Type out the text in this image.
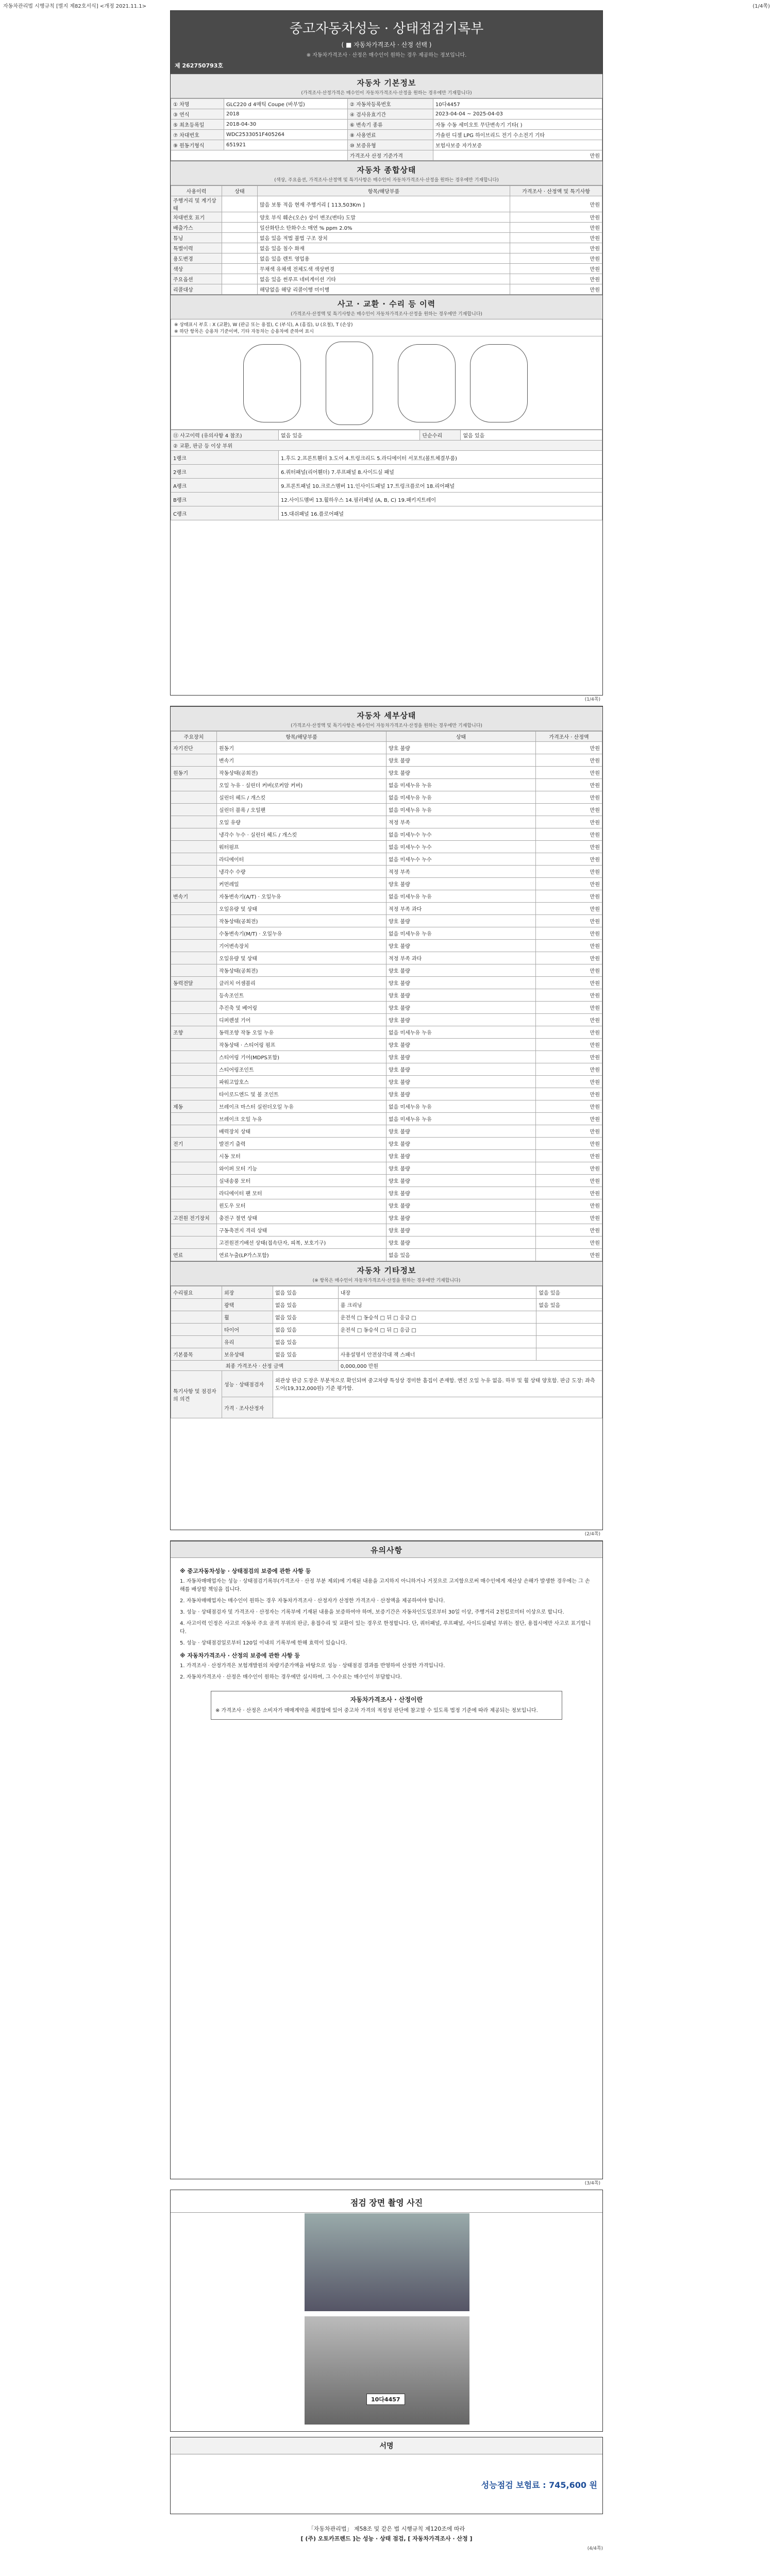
자동차관리법 시행규칙 [별지 제82호서식] <개정 2021.11.1>	(1/4쪽)
중고자동차성능 · 상태점검기록부
( ■ 자동차가격조사 · 산정 선택 )
※ 자동차가격조사 · 산정은 매수인이 원하는 경우 제공하는 정보입니다.
제 262750793호
자동차 기본정보
(가격조사·산정가격은 매수인이 자동차가격조사·산정을 원하는 경우에만 기재합니다)
① 차명	GLC220 d 4매틱 Coupe (바부업)	② 자동차등록번호	10다4457
③ 연식	2018	④ 검사유효기간	2023-04-04 ~ 2025-04-03
⑤ 최초등록일	2018-04-30	⑥ 변속기 종류	자동 수동 세미오토 무단변속기 기타( )
⑦ 차대번호	WDC2533051F405264	⑧ 사용연료	가솔린 디젤 LPG 하이브리드 전기 수소전기 기타
⑨ 원동기형식	651921	⑩ 보증유형	보험사보증 자가보증
		가격조사 산정 기준가격	만원
자동차 종합상태
(색상, 주요옵션, 가격조사·산정액 및 특기사항은 매수인이 자동차가격조사·산정을 원하는 경우에만 기재합니다)
사용이력	상태	항목/해당부품	가격조사 · 산정액 및 특기사항
주행거리 및 계기상태		많음 보통 적음 현재 주행거리 [ 113,503Km ]	만원
차대번호 표기		양호 부식 훼손(오손) 상이 변조(변타) 도말	만원
배출가스		일산화탄소 탄화수소 매연 % ppm 2.0%	만원
튜닝		없음 있음 적법 불법 구조 장치	만원
특별이력		없음 있음 침수 화재	만원
용도변경		없음 있음 렌트 영업용	만원
색상		무채색 유채색 전체도색 색상변경	만원
주요옵션		없음 있음 썬루프 네비게이션 기타	만원
리콜대상		해당없음 해당 리콜이행 미이행	만원
사고 · 교환 · 수리 등 이력
(가격조사·산정액 및 특기사항은 매수인이 자동차가격조사·산정을 원하는 경우에만 기재합니다)
※ 상태표시 부호 : X (교환), W (판금 또는 용접), C (부식), A (흠집), U (요철), T (손상)
※ 하단 항목은 승용차 기준이며, 기타 자동차는 승용차에 준하여 표시
⑪ 사고이력 (유의사항 4 참조)	없음 있음	단순수리	없음 있음
② 교환, 판금 등 이상 부위			
1랭크	1.후드 2.프론트휀더 3.도어 4.트렁크리드 5.라디에이터 서포트(볼트체결부품)		
2랭크	6.쿼터패널(리어휀더) 7.루프패널 8.사이드실 패널		
A랭크	9.프론트패널 10.크로스멤버 11.인사이드패널 17.트렁크플로어 18.리어패널		
B랭크	12.사이드멤버 13.휠하우스 14.필러패널 (A, B, C) 19.패키지트레이		
C랭크	15.대쉬패널 16.플로어패널		
(1/4쪽)
자동차 세부상태
(가격조사·산정액 및 특기사항은 매수인이 자동차가격조사·산정을 원하는 경우에만 기재합니다)
주요장치	항목/해당부품	상태	가격조사 · 산정액
자기진단	원동기	양호 불량	만원
	변속기	양호 불량	만원
원동기	작동상태(공회전)	양호 불량	만원
	오일 누유 · 실린더 커버(로커암 커버)	없음 미세누유 누유	만원
	실린더 헤드 / 개스킷	없음 미세누유 누유	만원
	실린더 블록 / 오일팬	없음 미세누유 누유	만원
	오일 유량	적정 부족	만원
	냉각수 누수 · 실린더 헤드 / 개스킷	없음 미세누수 누수	만원
	워터펌프	없음 미세누수 누수	만원
	라디에이터	없음 미세누수 누수	만원
	냉각수 수량	적정 부족	만원
	커먼레일	양호 불량	만원
변속기	자동변속기(A/T) · 오일누유	없음 미세누유 누유	만원
	오일유량 및 상태	적정 부족 과다	만원
	작동상태(공회전)	양호 불량	만원
	수동변속기(M/T) · 오일누유	없음 미세누유 누유	만원
	기어변속장치	양호 불량	만원
	오일유량 및 상태	적정 부족 과다	만원
	작동상태(공회전)	양호 불량	만원
동력전달	클러치 어셈블리	양호 불량	만원
	등속조인트	양호 불량	만원
	추진축 및 베어링	양호 불량	만원
	디퍼렌셜 기어	양호 불량	만원
조향	동력조향 작동 오일 누유	없음 미세누유 누유	만원
	작동상태 · 스티어링 펌프	양호 불량	만원
	스티어링 기어(MDPS포함)	양호 불량	만원
	스티어링조인트	양호 불량	만원
	파워고압호스	양호 불량	만원
	타이로드엔드 및 볼 조인트	양호 불량	만원
제동	브레이크 마스터 실린더오일 누유	없음 미세누유 누유	만원
	브레이크 오일 누유	없음 미세누유 누유	만원
	배력장치 상태	양호 불량	만원
전기	발전기 출력	양호 불량	만원
	시동 모터	양호 불량	만원
	와이퍼 모터 기능	양호 불량	만원
	실내송풍 모터	양호 불량	만원
	라디에이터 팬 모터	양호 불량	만원
	윈도우 모터	양호 불량	만원
고전원 전기장치	충전구 절연 상태	양호 불량	만원
	구동축전지 격리 상태	양호 불량	만원
	고전원전기배선 상태(접속단자, 피복, 보호기구)	양호 불량	만원
연료	연료누출(LP가스포함)	없음 있음	만원
자동차 기타정보
(※ 항목은 매수인이 자동차가격조사·산정을 원하는 경우에만 기재합니다)
수리필요	외장	없음 있음	내장	없음 있음
	광택	없음 있음	룸 크리닝	없음 있음
	휠	없음 있음	운전석 □ 동승석 □ 뒤 □ 응급 □	
	타이어	없음 있음	운전석 □ 동승석 □ 뒤 □ 응급 □	
	유리	없음 있음		
기본품목	보유상태	없음 있음	사용설명서 안전삼각대 잭 스패너	
최종 가격조사 · 산정 금액			0,000,000 만원	
특기사항 및 점검자의 의견	성능 · 상태점검자	외관상 판금 도장은 부분적으로 확인되며 중고차량 특성상 경미한 흠집이 존재함. 엔진 오일 누유 없음. 하부 및 휠 상태 양호함. 판금 도장: 좌측 도어(19,312,000원) 기준 평가함.		
	가격 · 조사산정자			
(2/4쪽)
유의사항
※ 중고자동차성능 · 상태점검의 보증에 관한 사항 등

1. 자동차매매업자는 성능 · 상태점검기록부(가격조사 · 산정 부분 제외)에 기재된 내용을 고지하지 아니하거나 거짓으로 고지함으로써 매수인에게 재산상 손해가 발생한 경우에는 그 손해를 배상할 책임을 집니다.

2. 자동차매매업자는 매수인이 원하는 경우 자동차가격조사 · 산정자가 산정한 가격조사 · 산정액을 제공하여야 합니다.

3. 성능 · 상태점검자 및 가격조사 · 산정자는 기록부에 기재된 내용을 보증하여야 하며, 보증기간은 자동차인도일로부터 30일 이상, 주행거리 2천킬로미터 이상으로 합니다.

4. 사고이력 인정은 사고로 자동차 주요 골격 부위의 판금, 용접수리 및 교환이 있는 경우로 한정합니다. 단, 쿼터패널, 루프패널, 사이드실패널 부위는 절단, 용접시에만 사고로 표기합니다.

5. 성능 · 상태점검일로부터 120일 이내의 기록부에 한해 효력이 있습니다.

※ 자동차가격조사 · 산정의 보증에 관한 사항 등

1. 가격조사 · 산정가격은 보험개발원의 차량기준가액을 바탕으로 성능 · 상태점검 결과를 반영하여 산정한 가격입니다.

2. 자동차가격조사 · 산정은 매수인이 원하는 경우에만 실시하며, 그 수수료는 매수인이 부담합니다.

자동차가격조사 · 산정이란
※ 가격조사 · 산정은 소비자가 매매계약을 체결함에 있어 중고차 가격의 적정성 판단에 참고할 수 있도록 법정 기준에 따라 제공되는 정보입니다.
(3/4쪽)
점검 장면 촬영 사진
10다4457
서명
성능점검 보험료 : 745,600 원
「자동차관리법」 제58조 및 같은 법 시행규칙 제120조에 따라
[ (주) 오토카프렌드 ]는 성능 · 상태 점검, [ 자동차가격조사 · 산정 ]
(4/4쪽)
